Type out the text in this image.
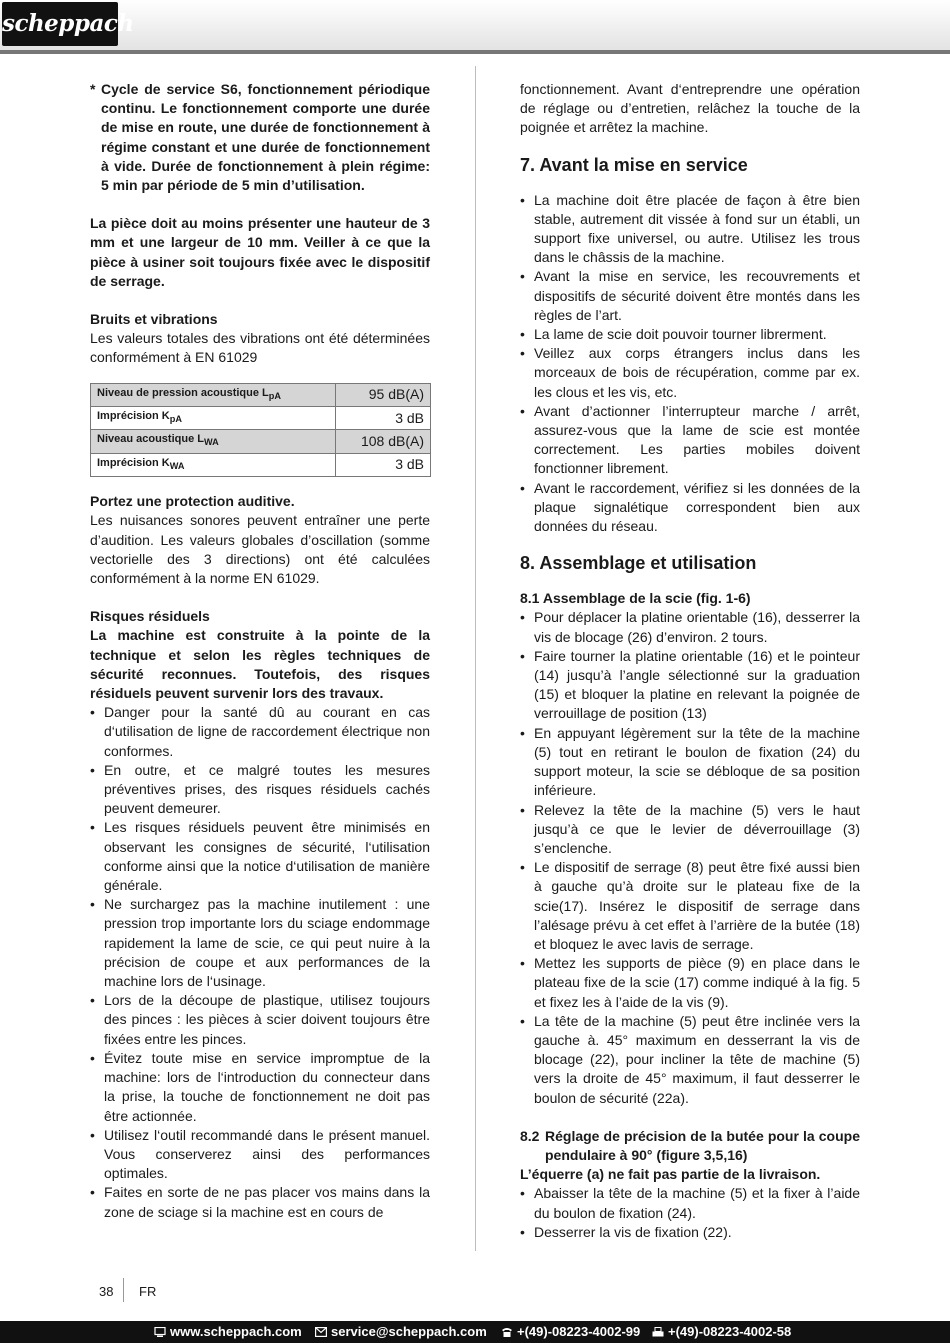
scheppach
* Cycle de service S6, fonctionnement périodique continu. Le fonctionnement comporte une durée de mise en route, une durée de fonctionnement à régime constant et une durée de fonctionnement à vide. Durée de fonctionnement à plein régime: 5 min par période de 5 min d’utilisation.

La pièce doit au moins présenter une hauteur de 3 mm et une largeur de 10 mm. Veiller à ce que la pièce à usiner soit toujours fixée avec le dispositif de serrage.

Bruits et vibrations

Les valeurs totales des vibrations ont été déterminées conformément à EN 61029

Niveau de pression acoustique $L_{pA}$	95 dB(A)
Imprécision $K_{pA}$	3 dB
Niveau acoustique $L_{WA}$	108 dB(A)
Imprécision $K_{WA}$	3 dB

Portez une protection auditive.

Les nuisances sonores peuvent entraîner une perte d’audition. Les valeurs globales d’oscillation (somme vectorielle des 3 directions) ont été calculées conformément à la norme EN 61029.

Risques résiduels

La machine est construite à la pointe de la technique et selon les règles techniques de sécurité reconnues. Toutefois, des risques résiduels peuvent survenir lors des travaux.

• Danger pour la santé dû au courant en cas d‘utilisation de ligne de raccordement électrique non conformes.
• En outre, et ce malgré toutes les mesures préventives prises, des risques résiduels cachés peuvent demeurer.
• Les risques résiduels peuvent être minimisés en observant les consignes de sécurité, l‘utilisation conforme ainsi que la notice d‘utilisation de manière générale.
• Ne surchargez pas la machine inutilement : une pression trop importante lors du sciage endommage rapidement la lame de scie, ce qui peut nuire à la précision de coupe et aux performances de la machine lors de l‘usinage.
• Lors de la découpe de plastique, utilisez toujours des pinces : les pièces à scier doivent toujours être fixées entre les pinces.
• Évitez toute mise en service impromptue de la machine: lors de l‘introduction du connecteur dans la prise, la touche de fonctionnement ne doit pas être actionnée.
• Utilisez l‘outil recommandé dans le présent manuel. Vous conserverez ainsi des performances optimales.
• Faites en sorte de ne pas placer vos mains dans la zone de sciage si la machine est en cours de

fonctionnement. Avant d‘entreprendre une opération de réglage ou d’entretien, relâchez la touche de la poignée et arrêtez la machine.

7. Avant la mise en service
• La machine doit être placée de façon à être bien stable, autrement dit vissée à fond sur un établi, un support fixe universel, ou autre. Utilisez les trous dans le châssis de la machine.
• Avant la mise en service, les recouvrements et dispositifs de sécurité doivent être montés dans les règles de l’art.
• La lame de scie doit pouvoir tourner librerment.
• Veillez aux corps étrangers inclus dans les morceaux de bois de récupération, comme par ex. les clous et les vis, etc.
• Avant d’actionner l’interrupteur marche / arrêt, assurez-vous que la lame de scie est montée correctement. Les parties mobiles doivent fonctionner librement.
• Avant le raccordement, vérifiez si les données de la plaque signalétique correspondent bien aux données du réseau.
8. Assemblage et utilisation

8.1 Assemblage de la scie (fig. 1-6)

• Pour déplacer la platine orientable (16), desserrer la vis de blocage (26) d’environ. 2 tours.
• Faire tourner la platine orientable (16) et le pointeur (14) jusqu’à l’angle sélectionné sur la graduation (15) et bloquer la platine en relevant la poignée de verrouillage de position (13)
• En appuyant légèrement sur la tête de la machine (5) tout en retirant le boulon de fixation (24) du support moteur, la scie se débloque de sa position inférieure.
• Relevez la tête de la machine (5) vers le haut jusqu’à ce que le levier de déverrouillage (3) s’enclenche.
• Le dispositif de serrage (8) peut être fixé aussi bien à gauche qu’à droite sur le plateau fixe de la scie(17). Insérez le dispositif de serrage dans l’alésage prévu à cet effet à l’arrière de la butée (18) et bloquez le avec lavis de serrage.
• Mettez les supports de pièce (9) en place dans le plateau fixe de la scie (17) comme indiqué à la fig. 5 et fixez les à l’aide de la vis (9).
• La tête de la machine (5) peut être inclinée vers la gauche à. 45° maximum en desserrant la vis de blocage (22), pour incliner la tête de machine (5) vers la droite de 45° maximum, il faut desserrer le boulon de sécurité (22a).
8.2 Réglage de précision de la butée pour la coupe pendulaire à 90° (figure 3,5,16)

L’équerre (a) ne fait pas partie de la livraison.

• Abaisser la tête de la machine (5) et la fixer à l’aide du boulon de fixation (24).
• Desserrer la vis de fixation (22).
38 FR
www.scheppach.com	service@scheppach.com	+(49)-08223-4002-99	+(49)-08223-4002-58
